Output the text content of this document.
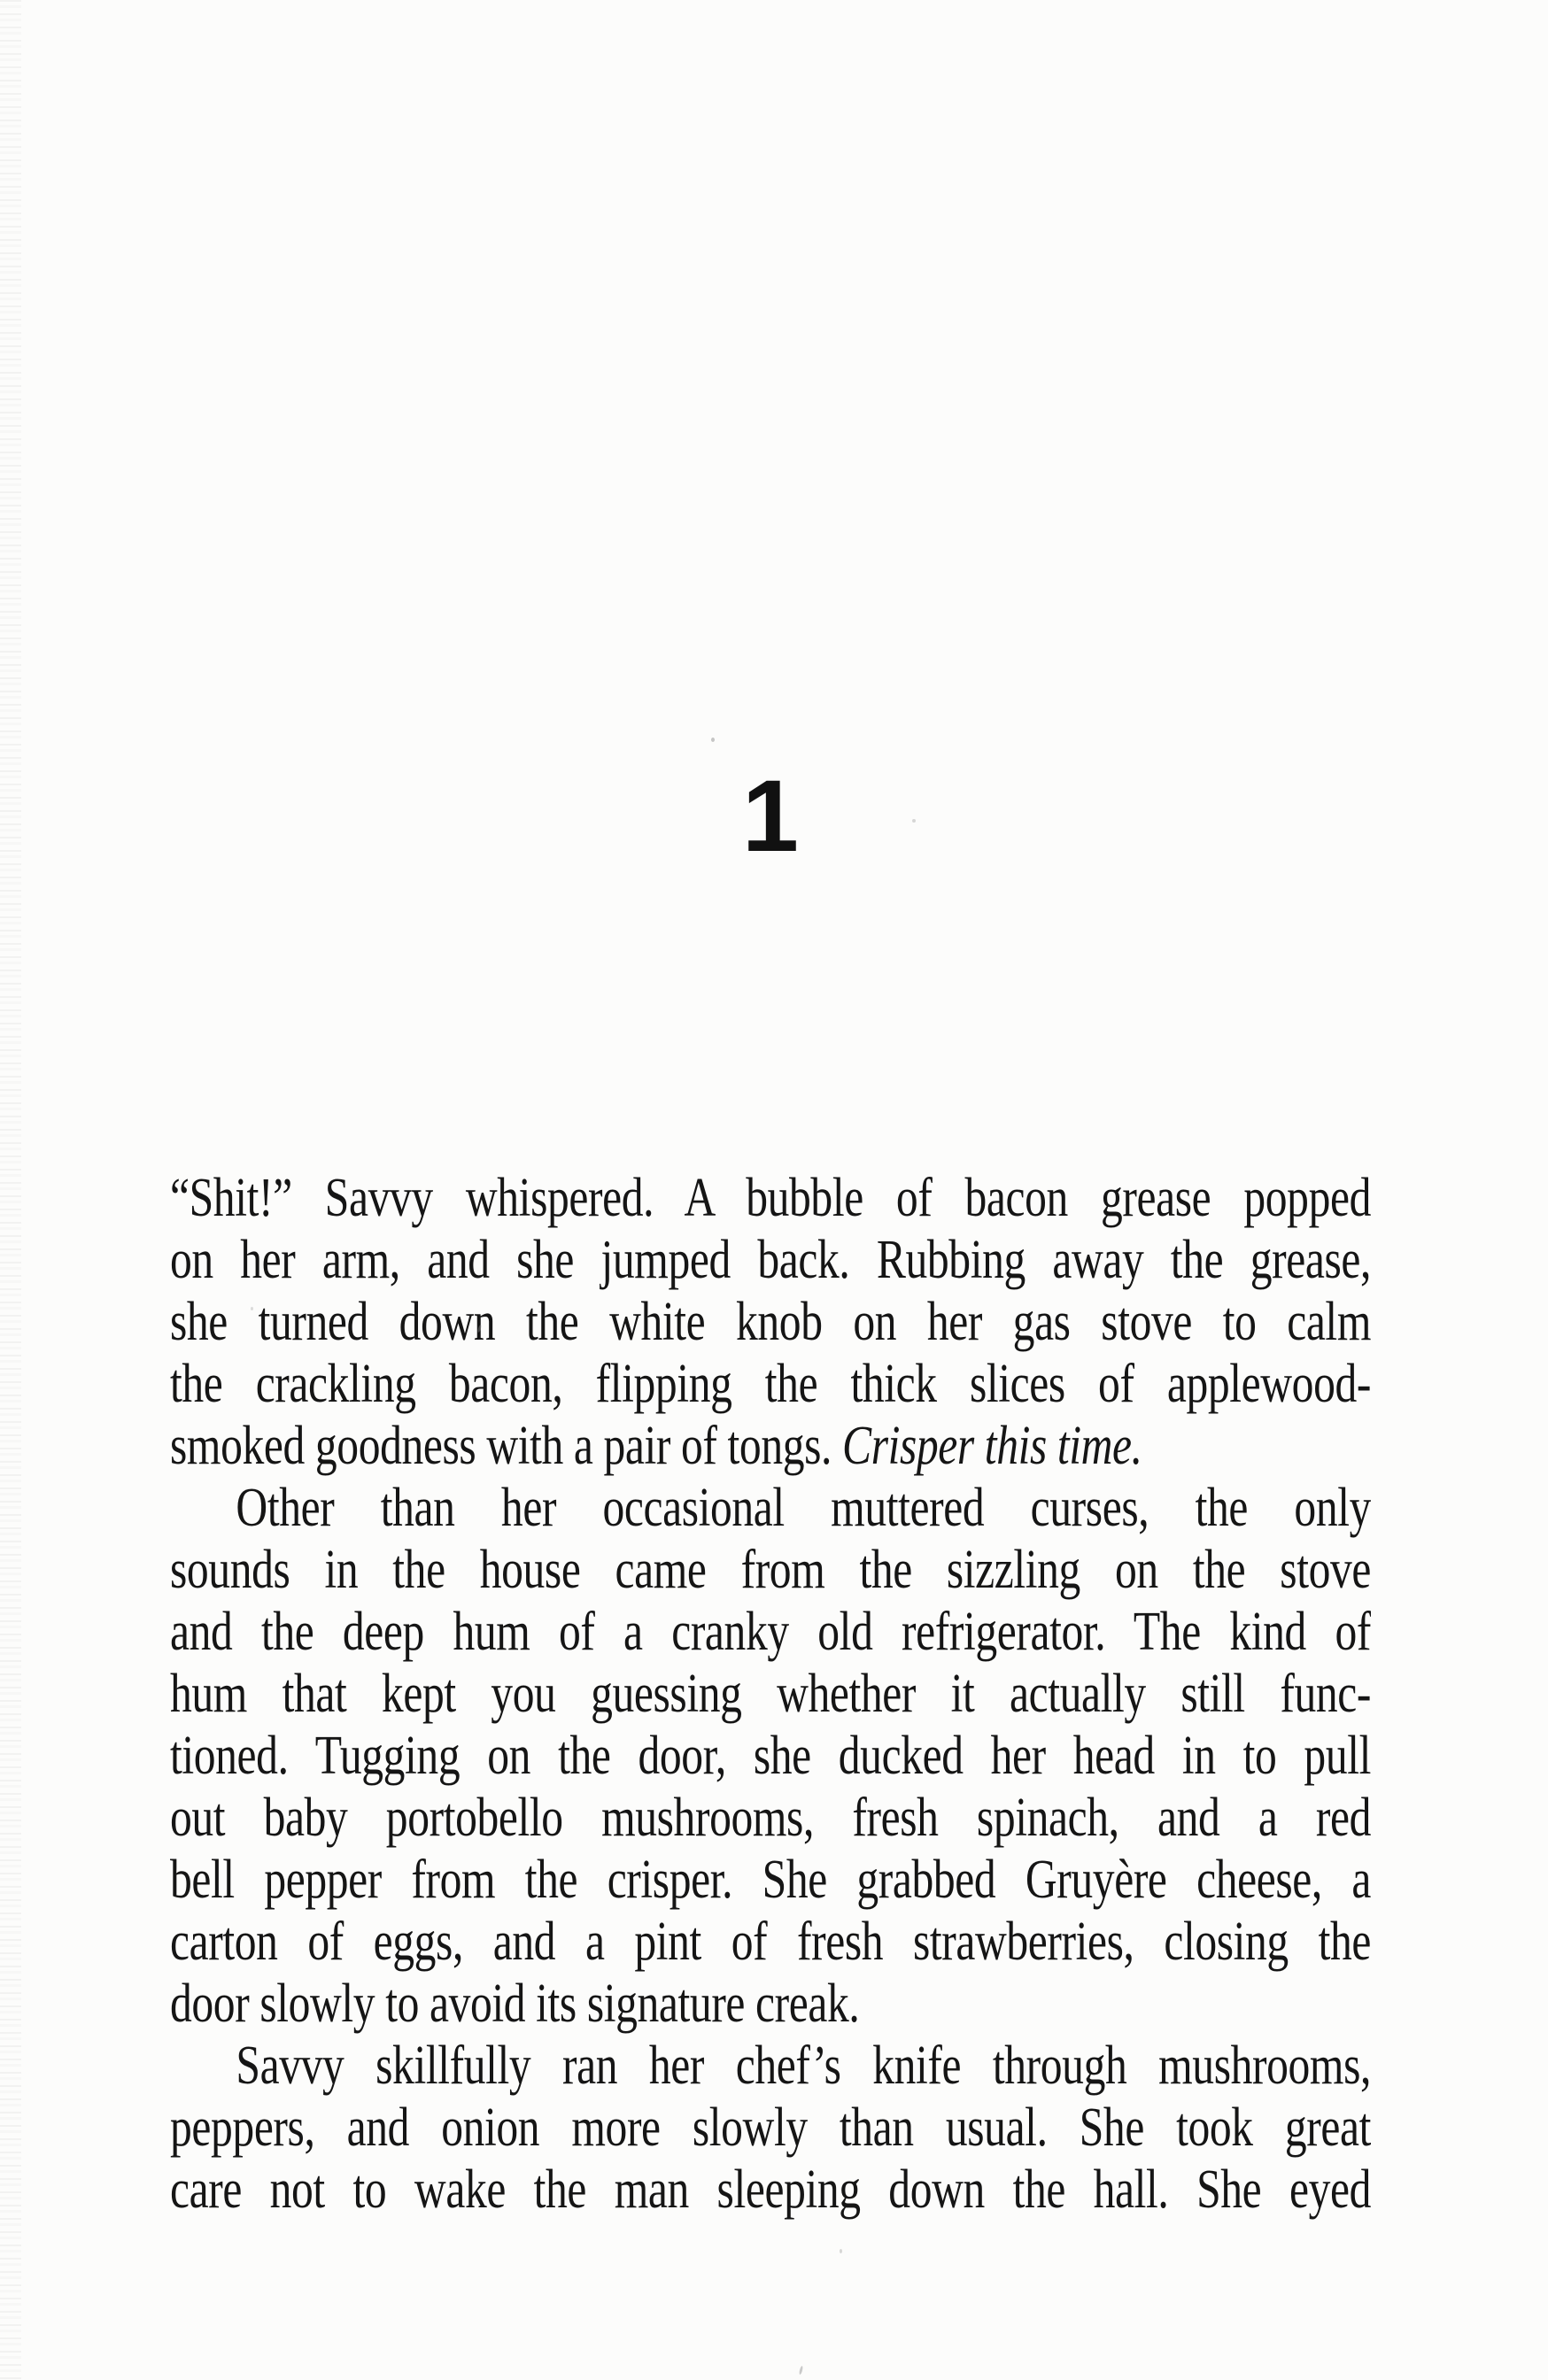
1
“Shit!” Savvy whispered. A bubble of bacon grease popped
on her arm, and she jumped back. Rubbing away the grease,
she turned down the white knob on her gas stove to calm
the crackling bacon, flipping the thick slices of applewood-
smoked goodness with a pair of tongs. Crisper this time.
Other than her occasional muttered curses, the only
sounds in the house came from the sizzling on the stove
and the deep hum of a cranky old refrigerator. The kind of
hum that kept you guessing whether it actually still func-
tioned. Tugging on the door, she ducked her head in to pull
out baby portobello mushrooms, fresh spinach, and a red
bell pepper from the crisper. She grabbed Gruyère cheese, a
carton of eggs, and a pint of fresh strawberries, closing the
door slowly to avoid its signature creak.
Savvy skillfully ran her chef’s knife through mushrooms,
peppers, and onion more slowly than usual. She took great
care not to wake the man sleeping down the hall. She eyed
